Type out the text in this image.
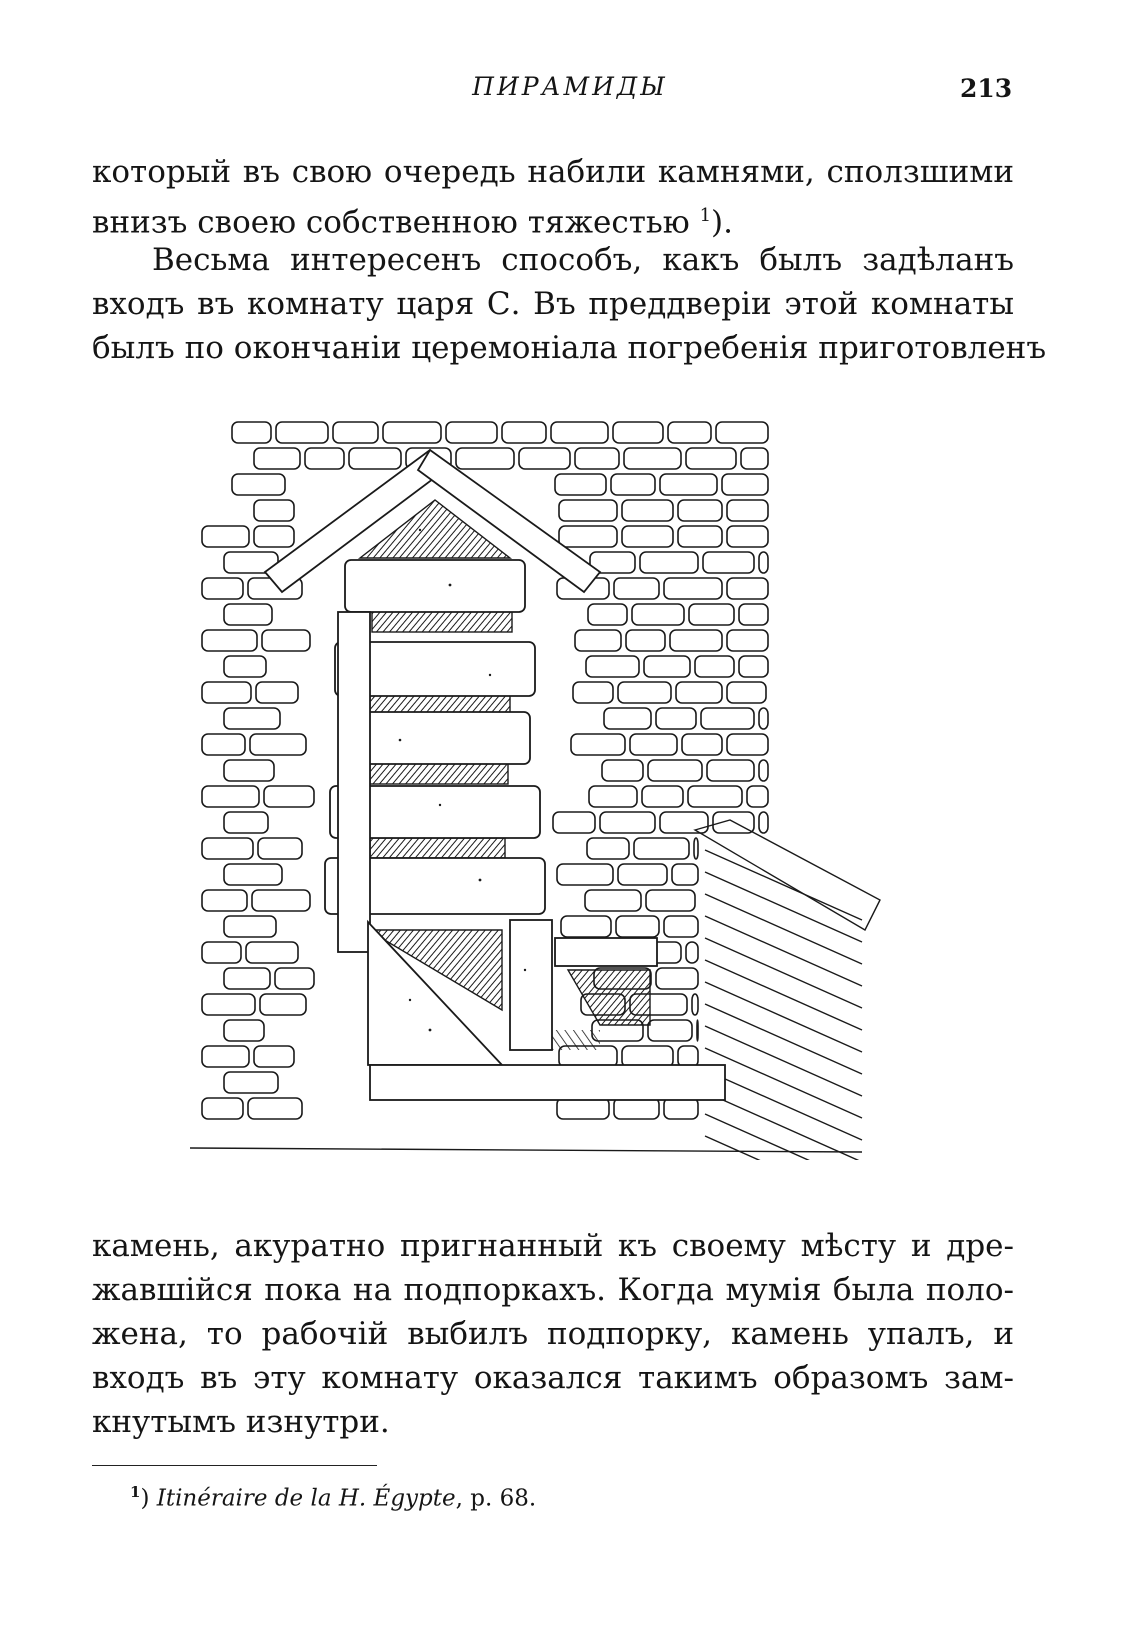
ПИРАМИДЫ	213
который въ свою очередь набили камнями, сползшими
внизъ своею собственною тяжестью $^1$).
Весьма интересенъ способъ, какъ былъ задѣланъ
входъ въ комнату царя С. Въ преддверіи этой комнаты
былъ по окончаніи церемоніала погребенія приготовленъ
камень, акуратно пригнанный къ своему мѣсту и дре-
жавшійся пока на подпоркахъ. Когда мумія была поло-
жена, то рабочій выбилъ подпорку, камень упалъ, и
входъ въ эту комнату оказался такимъ образомъ зам-
кнутымъ изнутри.
$^1$) Itinéraire de la H. Égypte, p. 68.
